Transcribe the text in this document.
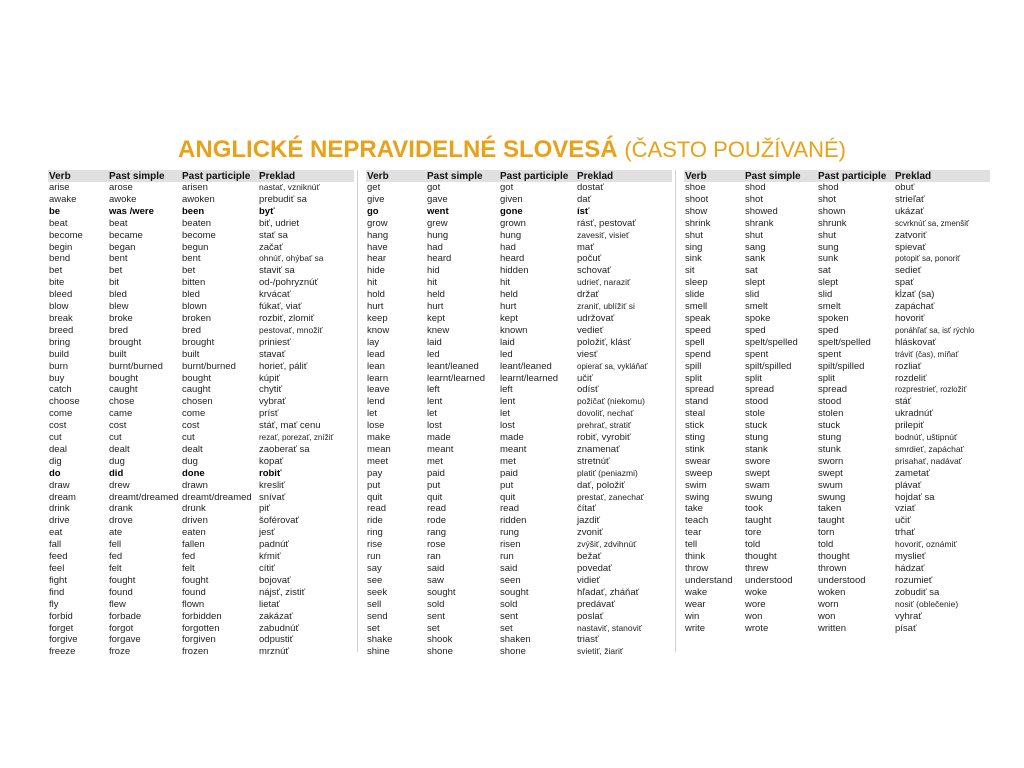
ANGLICKÉ NEPRAVIDELNÉ SLOVESÁ (ČASTO POUŽÍVANÉ)
Verb	Past simple	Past participle	Preklad
arise	arose	arisen	nastať, vzniknúť
awake	awoke	awoken	prebudiť sa
be	was /were	been	byť
beat	beat	beaten	biť, udriet
become	became	become	stať sa
begin	began	begun	začať
bend	bent	bent	ohnúť, ohýbať sa
bet	bet	bet	staviť sa
bite	bit	bitten	od-/pohryznúť
bleed	bled	bled	krvácať
blow	blew	blown	fúkať, viať
break	broke	broken	rozbiť, zlomiť
breed	bred	bred	pestovať, množiť
bring	brought	brought	priniesť
build	built	built	stavať
burn	burnt/burned	burnt/burned	horieť, páliť
buy	bought	bought	kúpiť
catch	caught	caught	chytiť
choose	chose	chosen	vybrať
come	came	come	prísť
cost	cost	cost	stáť, mať cenu
cut	cut	cut	rezať, porezať, znížiť
deal	dealt	dealt	zaoberať sa
dig	dug	dug	kopať
do	did	done	robiť
draw	drew	drawn	kresliť
dream	dreamt/dreamed	dreamt/dreamed	snívať
drink	drank	drunk	piť
drive	drove	driven	šoférovať
eat	ate	eaten	jesť
fall	fell	fallen	padnúť
feed	fed	fed	kŕmiť
feel	felt	felt	cítiť
fight	fought	fought	bojovať
find	found	found	nájsť, zistiť
fly	flew	flown	lietať
forbid	forbade	forbidden	zakázať
forget	forgot	forgotten	zabudnúť
forgive	forgave	forgiven	odpustiť
freeze	froze	frozen	mrznúť
Verb	Past simple	Past participle	Preklad
get	got	got	dostať
give	gave	given	dať
go	went	gone	ísť
grow	grew	grown	rásť, pestovať
hang	hung	hung	zavesiť, visieť
have	had	had	mať
hear	heard	heard	počuť
hide	hid	hidden	schovať
hit	hit	hit	udrieť, naraziť
hold	held	held	držať
hurt	hurt	hurt	zraniť, ublížiť si
keep	kept	kept	udržovať
know	knew	known	vedieť
lay	laid	laid	položiť, klásť
lead	led	led	viesť
lean	leant/leaned	leant/leaned	opierať sa, vykláňať
learn	learnt/learned	learnt/learned	učiť
leave	left	left	odísť
lend	lent	lent	požičať (niekomu)
let	let	let	dovoliť, nechať
lose	lost	lost	prehrať, stratiť
make	made	made	robiť, vyrobiť
mean	meant	meant	znamenať
meet	met	met	stretnúť
pay	paid	paid	platiť (peniazmi)
put	put	put	dať, položiť
quit	quit	quit	prestať, zanechať
read	read	read	čítať
ride	rode	ridden	jazdiť
ring	rang	rung	zvoniť
rise	rose	risen	zvýšiť, zdvihnúť
run	ran	run	bežať
say	said	said	povedať
see	saw	seen	vidieť
seek	sought	sought	hľadať, zháňať
sell	sold	sold	predávať
send	sent	sent	poslať
set	set	set	nastaviť, stanoviť
shake	shook	shaken	triasť
shine	shone	shone	svietiť, žiariť
Verb	Past simple	Past participle	Preklad
shoe	shod	shod	obuť
shoot	shot	shot	strieľať
show	showed	shown	ukázať
shrink	shrank	shrunk	scvrknúť sa, zmenšiť
shut	shut	shut	zatvoriť
sing	sang	sung	spievať
sink	sank	sunk	potopiť sa, ponoriť
sit	sat	sat	sedieť
sleep	slept	slept	spať
slide	slid	slid	kĺzať (sa)
smell	smelt	smelt	zapáchať
speak	spoke	spoken	hovoriť
speed	sped	sped	ponáhľať sa, isť rýchlo
spell	spelt/spelled	spelt/spelled	hláskovať
spend	spent	spent	tráviť (čas), míňať
spill	spilt/spilled	spilt/spilled	rozliať
split	split	split	rozdeliť
spread	spread	spread	rozprestrieť, rozložiť
stand	stood	stood	stáť
steal	stole	stolen	ukradnúť
stick	stuck	stuck	prilepiť
sting	stung	stung	bodnúť, uštipnúť
stink	stank	stunk	smrdieť, zapáchať
swear	swore	sworn	prisahať, nadávať
sweep	swept	swept	zametať
swim	swam	swum	plávať
swing	swung	swung	hojdať sa
take	took	taken	vziať
teach	taught	taught	učiť
tear	tore	torn	trhať
tell	told	told	hovoriť, oznámiť
think	thought	thought	myslieť
throw	threw	thrown	hádzať
understand	understood	understood	rozumieť
wake	woke	woken	zobudiť sa
wear	wore	worn	nosiť (oblečenie)
win	won	won	vyhrať
write	wrote	written	písať
